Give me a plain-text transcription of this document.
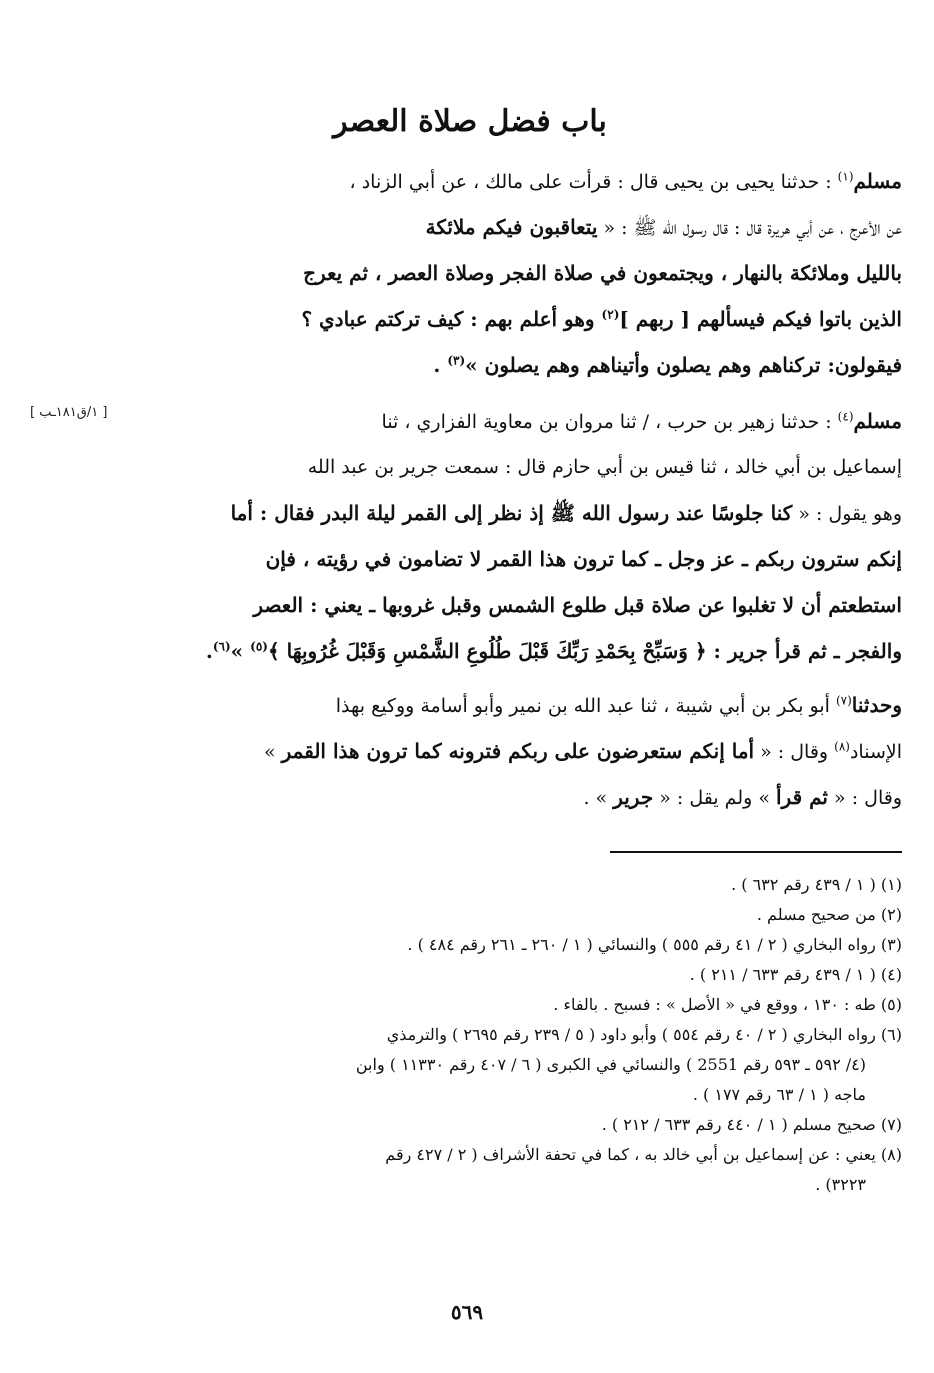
باب فضل صلاة العصر
[ ١/ق١٨١ـب ]
مسلم$^{(١)}$ : حدثنا يحيى بن يحيى قال : قرأت على مالك ، عن أبي الزناد ،
عن الأعرج ، عن أبي هريرة قال : قال رسول الله ﷺ : « يتعاقبون فيكم ملائكة
بالليل وملائكة بالنهار ، ويجتمعون في صلاة الفجر وصلاة العصر ، ثم يعرج
الذين باتوا فيكم فيسألهم [ ربهم ]$^{(٢)}$ وهو أعلم بهم : كيف تركتم عبادي ؟
فيقولون: تركناهم وهم يصلون وأتيناهم وهم يصلون »$^{(٣)}$ .
مسلم$^{(٤)}$ : حدثنا زهير بن حرب ، / ثنا مروان بن معاوية الفزاري ، ثنا
إسماعيل بن أبي خالد ، ثنا قيس بن أبي حازم قال : سمعت جرير بن عبد الله
وهو يقول : « كنا جلوسًا عند رسول الله ﷺ إذ نظر إلى القمر ليلة البدر فقال : أما
إنكم سترون ربكم ـ عز وجل ـ كما ترون هذا القمر لا تضامون في رؤيته ، فإن
استطعتم أن لا تغلبوا عن صلاة قبل طلوع الشمس وقبل غروبها ـ يعني : العصر
والفجر ـ ثم قرأ جرير : ﴿ وَسَبِّحْ بِحَمْدِ رَبِّكَ قَبْلَ طُلُوعِ الشَّمْسِ وَقَبْلَ غُرُوبِهَا ﴾$^{(٥)}$ »$^{(٦)}$.
وحدثنا$^{(٧)}$ أبو بكر بن أبي شيبة ، ثنا عبد الله بن نمير وأبو أسامة ووكيع بهذا
الإسناد$^{(٨)}$ وقال : « أما إنكم ستعرضون على ربكم فترونه كما ترون هذا القمر »
وقال : « ثم قرأ » ولم يقل : « جرير » .
(١) ( ١ / ٤٣٩ رقم ٦٣٢ ) .
(٢) من صحيح مسلم .
(٣) رواه البخاري ( ٢ / ٤١ رقم ٥٥٥ ) والنسائي ( ١ / ٢٦٠ ـ ٢٦١ رقم ٤٨٤ ) .
(٤) ( ١ / ٤٣٩ رقم ٦٣٣ / ٢١١ ) .
(٥) طه : ١٣٠ ، ووقع في « الأصل » : فسبح . بالفاء .
(٦) رواه البخاري ( ٢ / ٤٠ رقم ٥٥٤ ) وأبو داود ( ٥ / ٢٣٩ رقم ٢٦٩٥ ) والترمذي
(٤/ ٥٩٢ ـ ٥٩٣ رقم 2551 ) والنسائي في الكبرى ( ٦ / ٤٠٧ رقم ١١٣٣٠ ) وابن
ماجه ( ١ / ٦٣ رقم ١٧٧ ) .
(٧) صحيح مسلم ( ١ / ٤٤٠ رقم ٦٣٣ / ٢١٢ ) .
(٨) يعني : عن إسماعيل بن أبي خالد به ، كما في تحفة الأشراف ( ٢ / ٤٢٧ رقم
٣٢٢٣) .
٥٦٩
